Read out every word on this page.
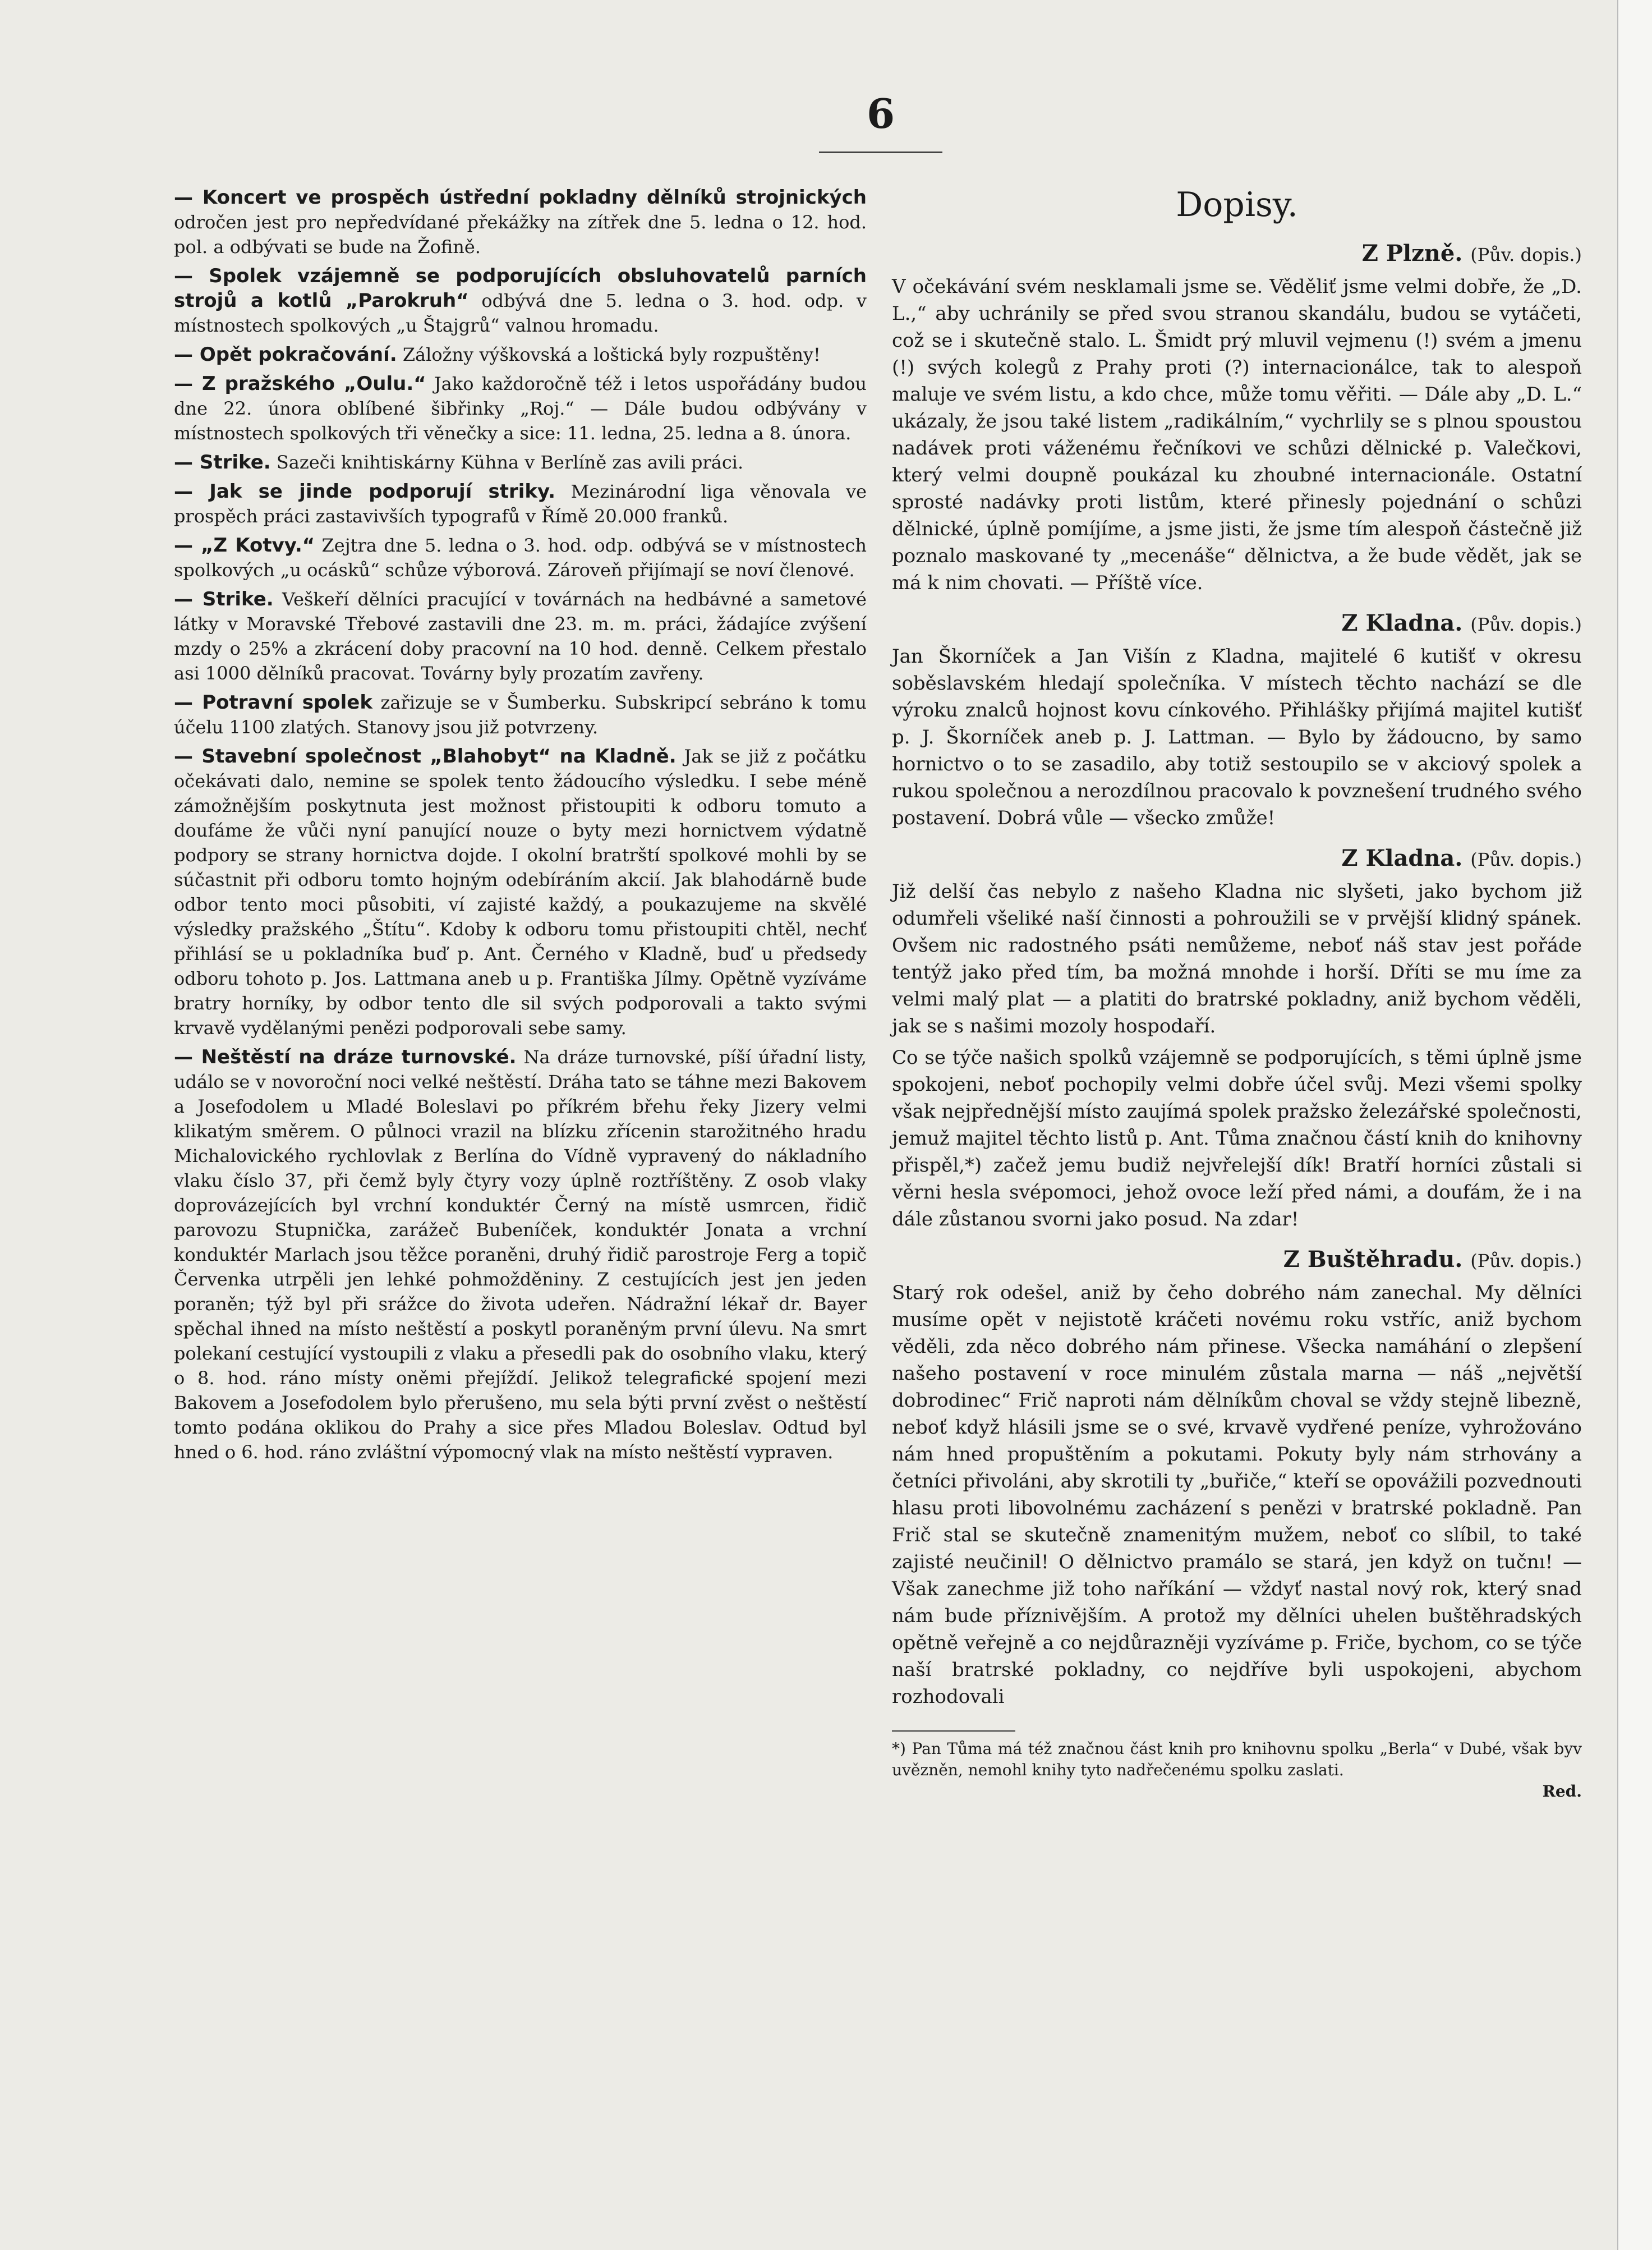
6

— Koncert ve prospěch ústřední pokladny dělníků strojnických odročen jest pro nepředvídané překážky na zítřek dne 5. ledna o 12. hod. pol. a odbývati se bude na Žofině.

— Spolek vzájemně se podporujících obsluhovatelů parních strojů a kotlů „Parokruh“ odbývá dne 5. ledna o 3. hod. odp. v místnostech spolkových „u Štajgrů“ valnou hromadu.

— Opět pokračování. Záložny výškovská a loštická byly rozpuštěny!

— Z pražského „Oulu.“ Jako každoročně též i letos uspořádány budou dne 22. února oblíbené šibřinky „Roj.“ — Dále budou odbývány v místnostech spolkových tři věnečky a sice: 11. ledna, 25. ledna a 8. února.

— Strike. Sazeči knihtiskárny Kühna v Berlíně zas avili práci.

— Jak se jinde podporují striky. Mezinárodní liga věnovala ve prospěch práci zastavivších typografů v Římě 20.000 franků.

— „Z Kotvy.“ Zejtra dne 5. ledna o 3. hod. odp. odbývá se v místnostech spolkových „u ocásků“ schůze výborová. Zároveň přijímají se noví členové.

— Strike. Veškeří dělníci pracující v továrnách na hedbávné a sametové látky v Moravské Třebové zastavili dne 23. m. m. práci, žádajíce zvýšení mzdy o 25% a zkrácení doby pracovní na 10 hod. denně. Celkem přestalo asi 1000 dělníků pracovat. Továrny byly prozatím zavřeny.

— Potravní spolek zařizuje se v Šumberku. Subskripcí sebráno k tomu účelu 1100 zlatých. Stanovy jsou již potvrzeny.

— Stavební společnost „Blahobyt“ na Kladně. Jak se již z počátku očekávati dalo, nemine se spolek tento žádoucího výsledku. I sebe méně zámožnějším poskytnuta jest možnost přistoupiti k odboru tomuto a doufáme že vůči nyní panující nouze o byty mezi hornictvem výdatně podpory se strany hornictva dojde. I okolní bratrští spolkové mohli by se súčastnit při odboru tomto hojným odebíráním akcií. Jak blahodárně bude odbor tento moci působiti, ví zajisté každý, a poukazujeme na skvělé výsledky pražského „Štítu“. Kdoby k odboru tomu přistoupiti chtěl, nechť přihlásí se u pokladníka buď p. Ant. Černého v Kladně, buď u předsedy odboru tohoto p. Jos. Lattmana aneb u p. Františka Jílmy. Opětně vyzíváme bratry horníky, by odbor tento dle sil svých podporovali a takto svými krvavě vydělanými penězi podporovali sebe samy.

— Neštěstí na dráze turnovské. Na dráze turnovské, píší úřadní listy, událo se v novoroční noci velké neštěstí. Dráha tato se táhne mezi Bakovem a Josefodolem u Mladé Boleslavi po příkrém břehu řeky Jizery velmi klikatým směrem. O půlnoci vrazil na blízku zřícenin starožitného hradu Michalovického rychlovlak z Berlína do Vídně vypravený do nákladního vlaku číslo 37, při čemž byly čtyry vozy úplně roztříštěny. Z osob vlaky doprovázejících byl vrchní konduktér Černý na místě usmrcen, řidič parovozu Stupnička, zarážeč Bubeníček, konduktér Jonata a vrchní konduktér Marlach jsou těžce poraněni, druhý řidič parostroje Ferg a topič Červenka utrpěli jen lehké pohmožděniny. Z cestujících jest jen jeden poraněn; týž byl při srážce do života udeřen. Nádražní lékař dr. Bayer spěchal ihned na místo neštěstí a poskytl poraněným první úlevu. Na smrt polekaní cestující vystoupili z vlaku a přesedli pak do osobního vlaku, který o 8. hod. ráno místy oněmi přejíždí. Jelikož telegrafické spojení mezi Bakovem a Josefodolem bylo přerušeno, mu sela býti první zvěst o neštěstí tomto podána oklikou do Prahy a sice přes Mladou Boleslav. Odtud byl hned o 6. hod. ráno zvláštní výpomocný vlak na místo neštěstí vypraven.

Dopisy.
Z Plzně. (Pův. dopis.)

V očekávání svém nesklamali jsme se. Věděliť jsme velmi dobře, že „D. L.,“ aby uchránily se před svou stranou skandálu, budou se vytáčeti, což se i skutečně stalo. L. Šmidt prý mluvil vejmenu (!) svém a jmenu (!) svých kolegů z Prahy proti (?) internacionálce, tak to alespoň maluje ve svém listu, a kdo chce, může tomu věřiti. — Dále aby „D. L.“ ukázaly, že jsou také listem „radikálním,“ vychrlily se s plnou spoustou nadávek proti váženému řečníkovi ve schůzi dělnické p. Valečkovi, který velmi doupně poukázal ku zhoubné internacionále. Ostatní sprosté nadávky proti listům, které přinesly pojednání o schůzi dělnické, úplně pomíjíme, a jsme jisti, že jsme tím alespoň částečně již poznalo maskované ty „mecenáše“ dělnictva, a že bude vědět, jak se má k nim chovati. — Příště více.

Z Kladna. (Pův. dopis.)

Jan Škorníček a Jan Višín z Kladna, majitelé 6 kutišť v okresu soběslavském hledají společníka. V místech těchto nachází se dle výroku znalců hojnost kovu cínkového. Přihlášky přijímá majitel kutišť p. J. Škorníček aneb p. J. Lattman. — Bylo by žádoucno, by samo hornictvo o to se zasadilo, aby totiž sestoupilo se v akciový spolek a rukou společnou a nerozdílnou pracovalo k povznešení trudného svého postavení. Dobrá vůle — všecko zmůže!

Z Kladna. (Pův. dopis.)

Již delší čas nebylo z našeho Kladna nic slyšeti, jako bychom již odumřeli všeliké naší činnosti a pohroužili se v prvější klidný spánek. Ovšem nic radostného psáti nemůžeme, neboť náš stav jest pořáde tentýž jako před tím, ba možná mnohde i horší. Dříti se mu íme za velmi malý plat — a platiti do bratrské pokladny, aniž bychom věděli, jak se s našimi mozoly hospodaří.

Co se týče našich spolků vzájemně se podporujících, s těmi úplně jsme spokojeni, neboť pochopily velmi dobře účel svůj. Mezi všemi spolky však nejpřednější místo zaujímá spolek pražsko železářské společnosti, jemuž majitel těchto listů p. Ant. Tůma značnou částí knih do knihovny přispěl,*) začež jemu budiž nejvřelejší dík! Bratří horníci zůstali si věrni hesla svépomoci, jehož ovoce leží před námi, a doufám, že i na dále zůstanou svorni jako posud. Na zdar!

Z Buštěhradu. (Pův. dopis.)

Starý rok odešel, aniž by čeho dobrého nám zanechal. My dělníci musíme opět v nejistotě kráčeti novému roku vstříc, aniž bychom věděli, zda něco dobrého nám přinese. Všecka namáhání o zlepšení našeho postavení v roce minulém zůstala marna — náš „největší dobrodinec“ Frič naproti nám dělníkům choval se vždy stejně libezně, neboť když hlásili jsme se o své, krvavě vydřené peníze, vyhrožováno nám hned propuštěním a pokutami. Pokuty byly nám strhovány a četníci přivoláni, aby skrotili ty „buřiče,“ kteří se opovážili pozvednouti hlasu proti libovolnému zacházení s penězi v bratrské pokladně. Pan Frič stal se skutečně znamenitým mužem, neboť co slíbil, to také zajisté neučinil! O dělnictvo pramálo se stará, jen když on tučnı! — Však zanechme již toho naříkání — vždyť nastal nový rok, který snad nám bude příznivějším. A protož my dělníci uhelen buštěhradských opětně veřejně a co nejdůrazněji vyzíváme p. Friče, bychom, co se týče naší bratrské pokladny, co nejdříve byli uspokojeni, abychom rozhodovali

*) Pan Tůma má též značnou část knih pro knihovnu spolku „Berla“ v Dubé, však byv uvězněn, nemohl knihy tyto nadřečenému spolku zaslati.
Red.
